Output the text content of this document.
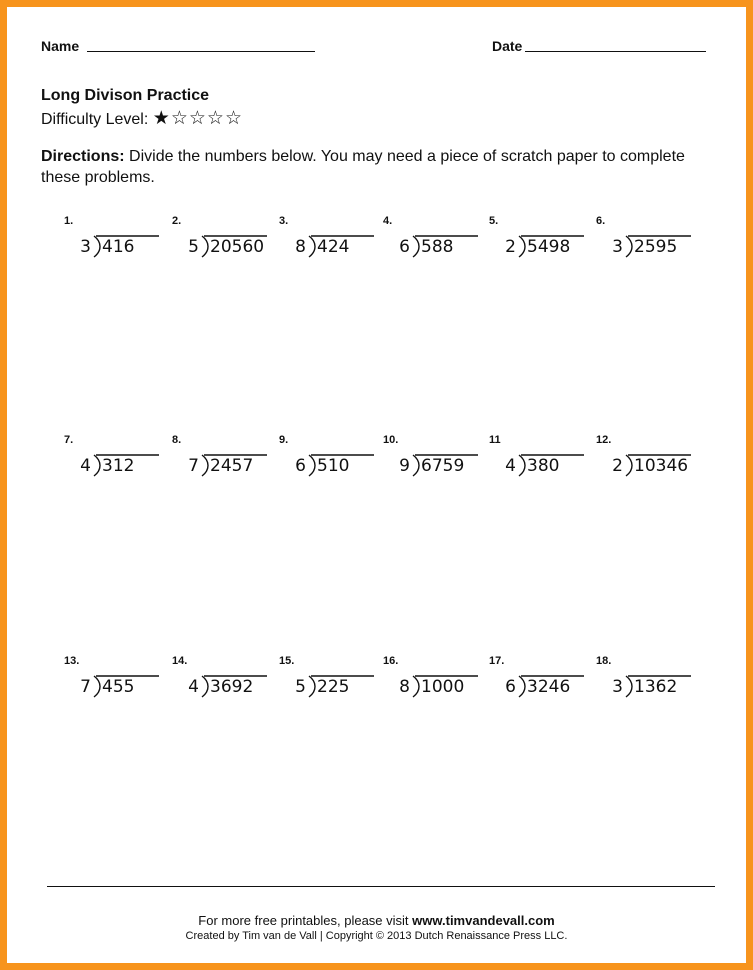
Name	Date
Long Divison Practice
Difficulty Level: ★☆☆☆☆
Directions: Divide the numbers below. You may need a piece of scratch paper to complete these problems.
1.
3 416
2.
5 20560
3.
8 424
4.
6 588
5.
2 5498
6.
3 2595
7.
4 312
8.
7 2457
9.
6 510
10.
9 6759
11
4 380
12.
2 10346
13.
7 455
14.
4 3692
15.
5 225
16.
8 1000
17.
6 3246
18.
3 1362
For more free printables, please visit www.timvandevall.com
Created by Tim van de Vall | Copyright © 2013 Dutch Renaissance Press LLC.
